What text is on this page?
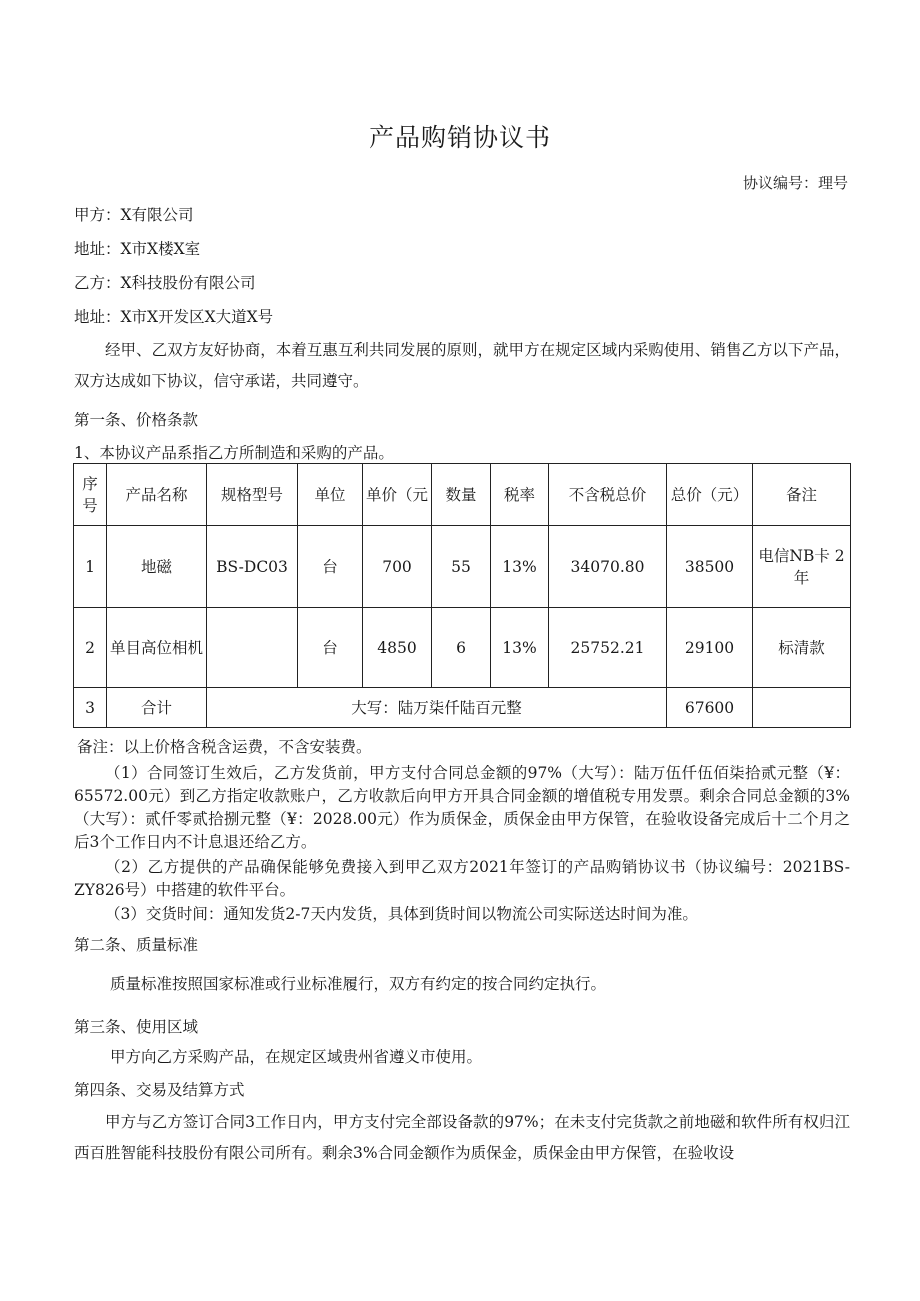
产品购销协议书
协议编号：理号
甲方：X有限公司
地址：X市X楼X室
乙方：X科技股份有限公司
地址：X市X开发区X大道X号
经甲、乙双方友好协商，本着互惠互利共同发展的原则，就甲方在规定区域内采购使用、销售乙方以下产品，双方达成如下协议，信守承诺，共同遵守。
第一条、价格条款
1、本协议产品系指乙方所制造和采购的产品。
序号	产品名称	规格型号	单位	单价（元	数量	税率	不含税总价	总价（元）	备注
1	地磁	BS-DC03	台	700	55	13%	34070.80	38500	电信NB卡 2年
2	单目高位相机		台	4850	6	13%	25752.21	29100	标清款
3	合计	大写：陆万柒仟陆百元整						67600	
备注：以上价格含税含运费，不含安装费。
（1）合同签订生效后，乙方发货前，甲方支付合同总金额的97%（大写）：陆万伍仟伍佰柒拾贰元整（¥：65572.00元）到乙方指定收款账户，乙方收款后向甲方开具合同金额的增值税专用发票。剩余合同总金额的3%（大写）：贰仟零贰拾捌元整（¥：2028.00元）作为质保金，质保金由甲方保管，在验收设备完成后十二个月之后3个工作日内不计息退还给乙方。
（2）乙方提供的产品确保能够免费接入到甲乙双方2021年签订的产品购销协议书（协议编号：2021BS-ZY826号）中搭建的软件平台。
（3）交货时间：通知发货2-7天内发货，具体到货时间以物流公司实际送达时间为准。
第二条、质量标准
质量标准按照国家标准或行业标准履行，双方有约定的按合同约定执行。
第三条、使用区域
甲方向乙方采购产品，在规定区域贵州省遵义市使用。
第四条、交易及结算方式
甲方与乙方签订合同3工作日内，甲方支付完全部设备款的97%；在未支付完货款之前地磁和软件所有权归江西百胜智能科技股份有限公司所有。剩余3%合同金额作为质保金，质保金由甲方保管，在验收设
